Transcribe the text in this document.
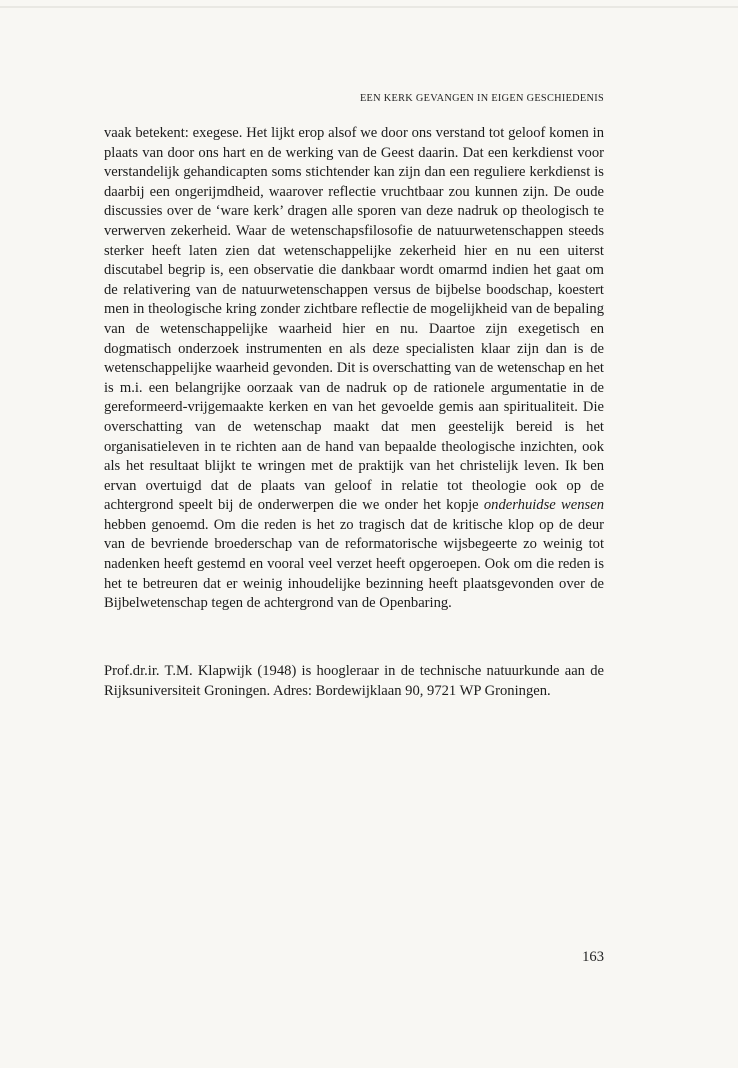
EEN KERK GEVANGEN IN EIGEN GESCHIEDENIS

vaak betekent: exegese. Het lijkt erop alsof we door ons verstand tot geloof komen in plaats van door ons hart en de werking van de Geest daarin. Dat een kerkdienst voor verstandelijk gehandicapten soms stichtender kan zijn dan een reguliere kerkdienst is daarbij een ongerijmdheid, waarover reflectie vruchtbaar zou kunnen zijn. De oude discussies over de ‘ware kerk’ dragen alle sporen van deze nadruk op theologisch te verwerven zekerheid. Waar de wetenschapsfilosofie de natuurwetenschappen steeds sterker heeft laten zien dat wetenschappelijke zekerheid hier en nu een uiterst discutabel begrip is, een observatie die dankbaar wordt omarmd indien het gaat om de relativering van de natuurwetenschappen versus de bijbelse boodschap, koestert men in theologische kring zonder zichtbare reflectie de mogelijkheid van de bepaling van de wetenschappelijke waarheid hier en nu. Daartoe zijn exegetisch en dogmatisch onderzoek instrumenten en als deze specialisten klaar zijn dan is de wetenschappelijke waarheid gevonden. Dit is overschatting van de wetenschap en het is m.i. een belangrijke oorzaak van de nadruk op de rationele argumentatie in de gereformeerd-vrijgemaakte kerken en van het gevoelde gemis aan spiritualiteit. Die overschatting van de wetenschap maakt dat men geestelijk bereid is het organisatieleven in te richten aan de hand van bepaalde theologische inzichten, ook als het resultaat blijkt te wringen met de praktijk van het christelijk leven. Ik ben ervan overtuigd dat de plaats van geloof in relatie tot theologie ook op de achtergrond speelt bij de onderwerpen die we onder het kopje onderhuidse wensen hebben genoemd. Om die reden is het zo tragisch dat de kritische klop op de deur van de bevriende broederschap van de reformatorische wijsbegeerte zo weinig tot nadenken heeft gestemd en vooral veel verzet heeft opgeroepen. Ook om die reden is het te betreuren dat er weinig inhoudelijke bezinning heeft plaatsgevonden over de Bijbelwetenschap tegen de achtergrond van de Openbaring.

Prof.dr.ir. T.M. Klapwijk (1948) is hoogleraar in de technische natuurkunde aan de Rijksuniversiteit Groningen. Adres: Bordewijklaan 90, 9721 WP Groningen.

163
